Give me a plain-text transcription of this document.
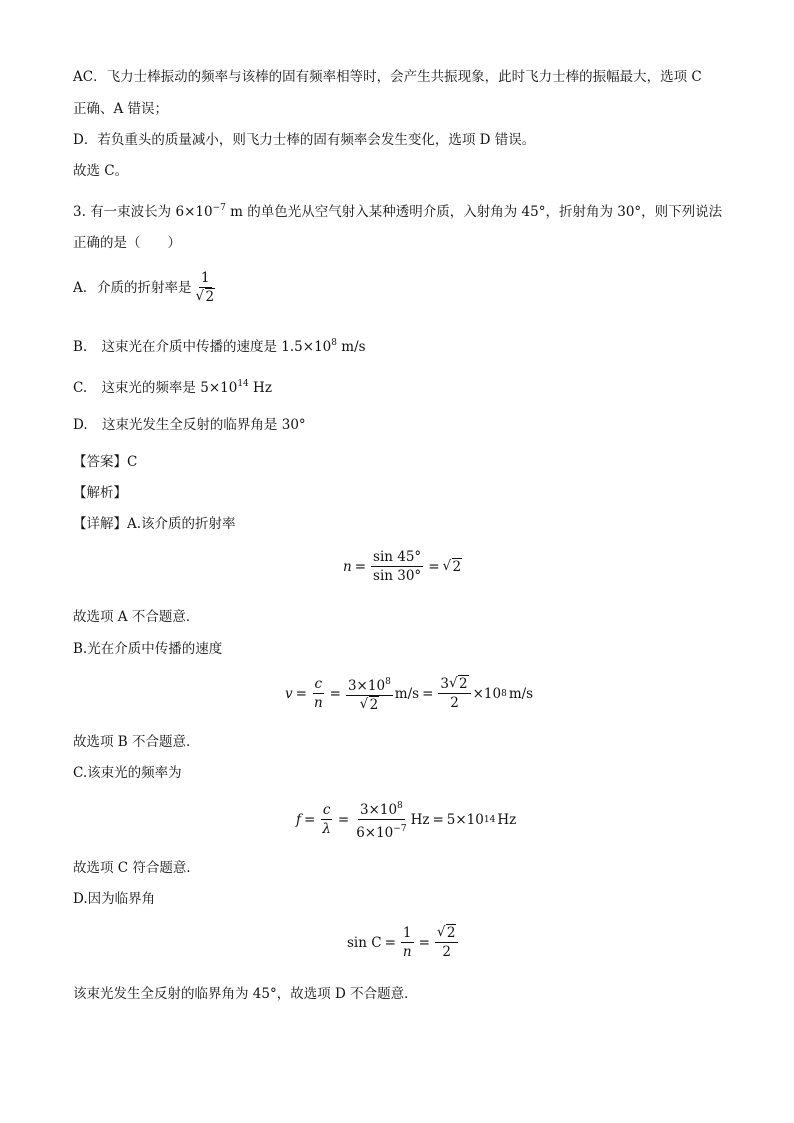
AC．飞力士棒振动的频率与该棒的固有频率相等时，会产生共振现象，此时飞力士棒的振幅最大，选项 C
正确、A 错误；
D．若负重头的质量减小，则飞力士棒的固有频率会发生变化，选项 D 错误。
故选 C。
3. 有一束波长为 $6\times 10^{-7}$ m 的单色光从空气射入某种透明介质，入射角为 45°，折射角为 30°，则下列说法
正确的是（　　）
A. 介质的折射率是 1
√ 2
B. 这束光在介质中传播的速度是 $1.5\times 10^8$ m/s
C. 这束光的频率是 $5\times 10^{14}$ Hz
D. 这束光发生全反射的临界角是 30°
【答案】C
【解析】
【详解】A.该介质的折射率
$n = \frac{\sin 45^\circ}{\sin 30^\circ}$ = √ 2
故选项 A 不合题意．
B.光在介质中传播的速度
$v = \frac{c}{n} = 3\times 10^8$
√ 2 $m/s = \frac{3 √ 2}{2} \times 10$ 8 m/s
故选项 B 不合题意．
C.该束光的频率为
$f = \frac{c}{\lambda} = \frac{3\times 10^8}{6\times 10^{-7}}$ Hz = 5×10 14 Hz
故选项 C 符合题意．
D.因为临界角
$\sin C = \frac{1}{n}$ = √ $\frac{2}{2}$
该束光发生全反射的临界角为 45°，故选项 D 不合题意．
